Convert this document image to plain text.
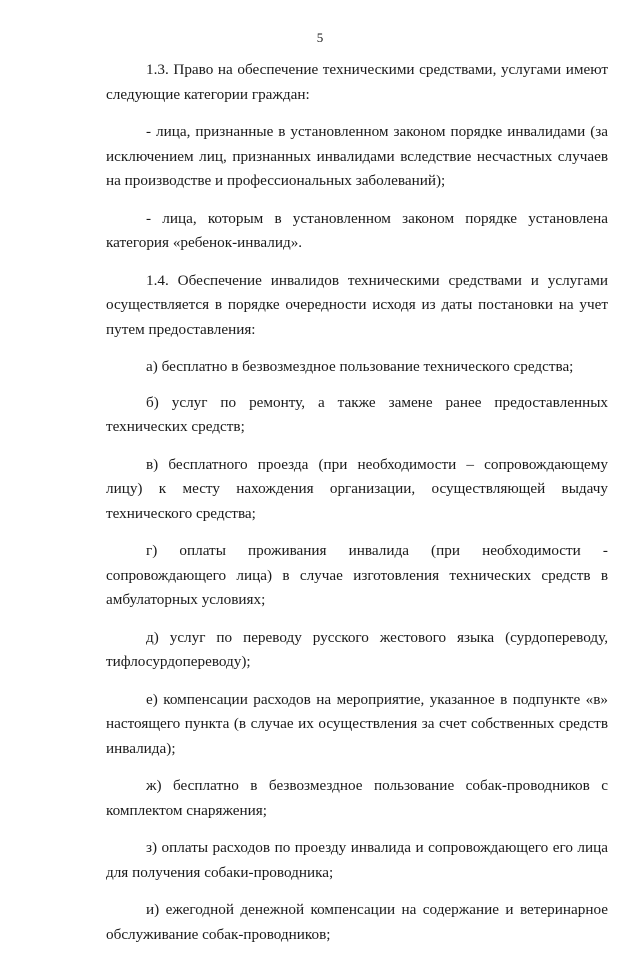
5

1.3. Право на обеспечение техническими средствами, услугами имеют следующие категории граждан:

- лица, признанные в установленном законом порядке инвалидами (за исключением лиц, признанных инвалидами вследствие несчастных случаев на производстве и профессиональных заболеваний);

- лица, которым в установленном законом порядке установлена категория «ребенок-инвалид».

1.4. Обеспечение инвалидов техническими средствами и услугами осуществляется в порядке очередности исходя из даты постановки на учет путем предоставления:

а) бесплатно в безвозмездное пользование технического средства;

б) услуг по ремонту, а также замене ранее предоставленных технических средств;

в) бесплатного проезда (при необходимости – сопровождающему лицу) к месту нахождения организации, осуществляющей выдачу технического средства;

г) оплаты проживания инвалида (при необходимости - сопровождающего лица) в случае изготовления технических средств в амбулаторных условиях;

д) услуг по переводу русского жестового языка (сурдопереводу, тифлосурдопереводу);

е) компенсации расходов на мероприятие, указанное в подпункте «в» настоящего пункта (в случае их осуществления за счет собственных средств инвалида);

ж) бесплатно в безвозмездное пользование собак-проводников с комплектом снаряжения;

з) оплаты расходов по проезду инвалида и сопровождающего его лица для получения собаки-проводника;

и) ежегодной денежной компенсации на содержание и ветеринарное обслуживание собак-проводников;
